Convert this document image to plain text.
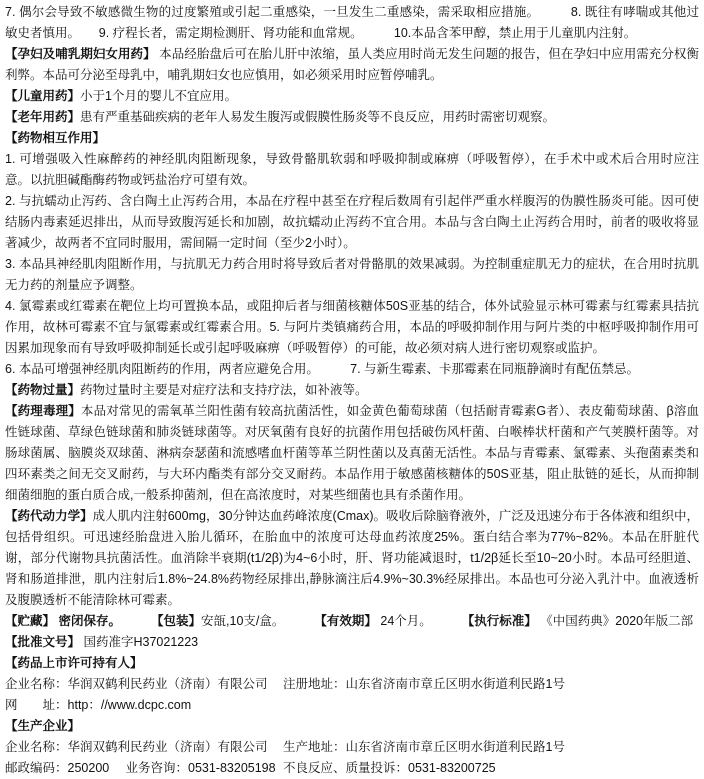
7. 偶尔会导致不敏感微生物的过度繁殖或引起二重感染，一旦发生二重感染，需采取相应措施。　　　8. 既往有哮喘或其他过敏史者慎用。　　9. 疗程长者，需定期检测肝、肾功能和血常规。　　　10.本品含苯甲醇，禁止用于儿童肌内注射。

【孕妇及哺乳期妇女用药】 本品经胎盘后可在胎儿肝中浓缩，虽人类应用时尚无发生问题的报告，但在孕妇中应用需充分权衡利弊。本品可分泌至母乳中，哺乳期妇女也应慎用，如必须采用时应暂停哺乳。

【儿童用药】小于1个月的婴儿不宜应用。

【老年用药】患有严重基础疾病的老年人易发生腹泻或假膜性肠炎等不良反应，用药时需密切观察。

【药物相互作用】

1. 可增强吸入性麻醉药的神经肌肉阻断现象，导致骨骼肌软弱和呼吸抑制或麻痹（呼吸暂停），在手术中或术后合用时应注意。以抗胆碱酯酶药物或钙盐治疗可望有效。

2. 与抗蠕动止泻药、含白陶土止泻药合用，本品在疗程中甚至在疗程后数周有引起伴严重水样腹泻的伪膜性肠炎可能。因可使结肠内毒素延迟排出，从而导致腹泻延长和加剧，故抗蠕动止泻药不宜合用。本品与含白陶土止泻药合用时，前者的吸收将显著减少，故两者不宜同时服用，需间隔一定时间（至少2小时）。

3. 本品具神经肌肉阻断作用，与抗肌无力药合用时将导致后者对骨骼肌的效果减弱。为控制重症肌无力的症状，在合用时抗肌无力药的剂量应予调整。

4. 氯霉素或红霉素在靶位上均可置换本品，或阻抑后者与细菌核糖体50S亚基的结合，体外试验显示林可霉素与红霉素具拮抗作用，故林可霉素不宜与氯霉素或红霉素合用。5. 与阿片类镇痛药合用，本品的呼吸抑制作用与阿片类的中枢呼吸抑制作用可因累加现象而有导致呼吸抑制延长或引起呼吸麻痹（呼吸暂停）的可能，故必须对病人进行密切观察或监护。

6. 本品可增强神经肌肉阻断药的作用，两者应避免合用。　　　7. 与新生霉素、卡那霉素在同瓶静滴时有配伍禁忌。

【药物过量】药物过量时主要是对症疗法和支持疗法，如补液等。

【药理毒理】本品对常见的需氧革兰阳性菌有较高抗菌活性，如金黄色葡萄球菌（包括耐青霉素G者）、表皮葡萄球菌、β溶血性链球菌、草绿色链球菌和肺炎链球菌等。对厌氧菌有良好的抗菌作用包括破伤风杆菌、白喉棒状杆菌和产气荚膜杆菌等。对肠球菌属、脑膜炎双球菌、淋病奈瑟菌和流感嗜血杆菌等革兰阴性菌以及真菌无活性。本品与青霉素、氯霉素、头孢菌素类和四环素类之间无交叉耐药，与大环内酯类有部分交叉耐药。本品作用于敏感菌核糖体的50S亚基，阻止肽链的延长，从而抑制细菌细胞的蛋白质合成,一般系抑菌剂，但在高浓度时，对某些细菌也具有杀菌作用。

【药代动力学】成人肌内注射600mg，30分钟达血药峰浓度(Cmax)。吸收后除脑脊液外，广泛及迅速分布于各体液和组织中，包括骨组织。可迅速经胎盘进入胎儿循环，在胎血中的浓度可达母血药浓度25%。蛋白结合率为77%~82%。本品在肝脏代谢，部分代谢物具抗菌活性。血消除半衰期(t1/2β)为4~6小时，肝、肾功能减退时，t1/2β延长至10~20小时。本品可经胆道、肾和肠道排泄，肌内注射后1.8%~24.8%药物经尿排出,静脉滴注后4.9%~30.3%经尿排出。本品也可分泌入乳汁中。血液透析及腹膜透析不能清除林可霉素。

【贮藏】 密闭保存。 【包装】安瓿,10支/盒。 【有效期】 24个月。 【执行标准】 《中国药典》2020年版二部

【批准文号】 国药准字H37021223

【药品上市许可持有人】

企业名称：华润双鹤利民药业（济南）有限公司	注册地址：山东省济南市章丘区明水街道利民路1号

网　　址：http：//www.dcpc.com

【生产企业】

企业名称：华润双鹤利民药业（济南）有限公司	生产地址：山东省济南市章丘区明水街道利民路1号
邮政编码：250200 业务咨询：0531-83205198 不良反应、质量投诉：0531-83200725
